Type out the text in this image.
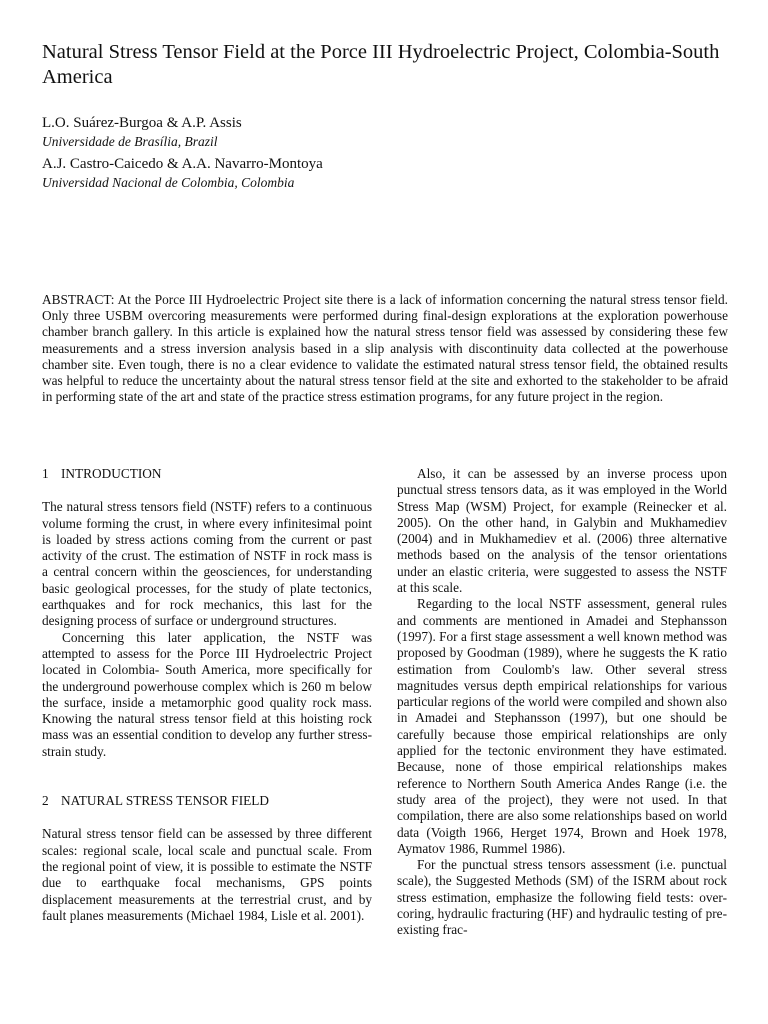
Natural Stress Tensor Field at the Porce III Hydroelectric Project, Colombia-South America
L.O. Suárez-Burgoa & A.P. Assis
Universidade de Brasília, Brazil
A.J. Castro-Caicedo & A.A. Navarro-Montoya
Universidad Nacional de Colombia, Colombia

ABSTRACT: At the Porce III Hydroelectric Project site there is a lack of information concerning the natural stress tensor field. Only three USBM overcoring measurements were performed during final-design explorations at the exploration powerhouse chamber branch gallery. In this article is explained how the natural stress tensor field was assessed by considering these few measurements and a stress inversion analysis based in a slip analysis with discontinuity data collected at the powerhouse chamber site. Even tough, there is no a clear evidence to validate the estimated natural stress tensor field, the obtained results was helpful to reduce the uncertainty about the natural stress tensor field at the site and exhorted to the stakeholder to be afraid in performing state of the art and state of the practice stress estimation programs, for any future project in the region.

1 INTRODUCTION

The natural stress tensors field (NSTF) refers to a continuous volume forming the crust, in where every infinitesimal point is loaded by stress actions coming from the current or past activity of the crust. The estimation of NSTF in rock mass is a central concern within the geosciences, for understanding basic geological processes, for the study of plate tectonics, earthquakes and for rock mechanics, this last for the designing process of surface or underground structures.

Concerning this later application, the NSTF was attempted to assess for the Porce III Hydroelectric Project located in Colombia- South America, more specifically for the underground powerhouse complex which is 260 m below the surface, inside a metamorphic good quality rock mass. Knowing the natural stress tensor field at this hoisting rock mass was an essential condition to develop any further stress-strain study.

2 NATURAL STRESS TENSOR FIELD

Natural stress tensor field can be assessed by three different scales: regional scale, local scale and punctual scale. From the regional point of view, it is possible to estimate the NSTF due to earthquake focal mechanisms, GPS points displacement measurements at the terrestrial crust, and by fault planes measurements (Michael 1984, Lisle et al. 2001).

Also, it can be assessed by an inverse process upon punctual stress tensors data, as it was employed in the World Stress Map (WSM) Project, for example (Reinecker et al. 2005). On the other hand, in Galybin and Mukhamediev (2004) and in Mukhamediev et al. (2006) three alternative methods based on the analysis of the tensor orientations under an elastic criteria, were suggested to assess the NSTF at this scale.

Regarding to the local NSTF assessment, general rules and comments are mentioned in Amadei and Stephansson (1997). For a first stage assessment a well known method was proposed by Goodman (1989), where he suggests the K ratio estimation from Coulomb's law. Other several stress magnitudes versus depth empirical relationships for various particular regions of the world were compiled and shown also in Amadei and Stephansson (1997), but one should be carefully because those empirical relationships are only applied for the tectonic environment they have estimated. Because, none of those empirical relationships makes reference to Northern South America Andes Range (i.e. the study area of the project), they were not used. In that compilation, there are also some relationships based on world data (Voigth 1966, Herget 1974, Brown and Hoek 1978, Aymatov 1986, Rummel 1986).

For the punctual stress tensors assessment (i.e. punctual scale), the Suggested Methods (SM) of the ISRM about rock stress estimation, emphasize the following field tests: over-coring, hydraulic fracturing (HF) and hydraulic testing of pre-existing frac-
